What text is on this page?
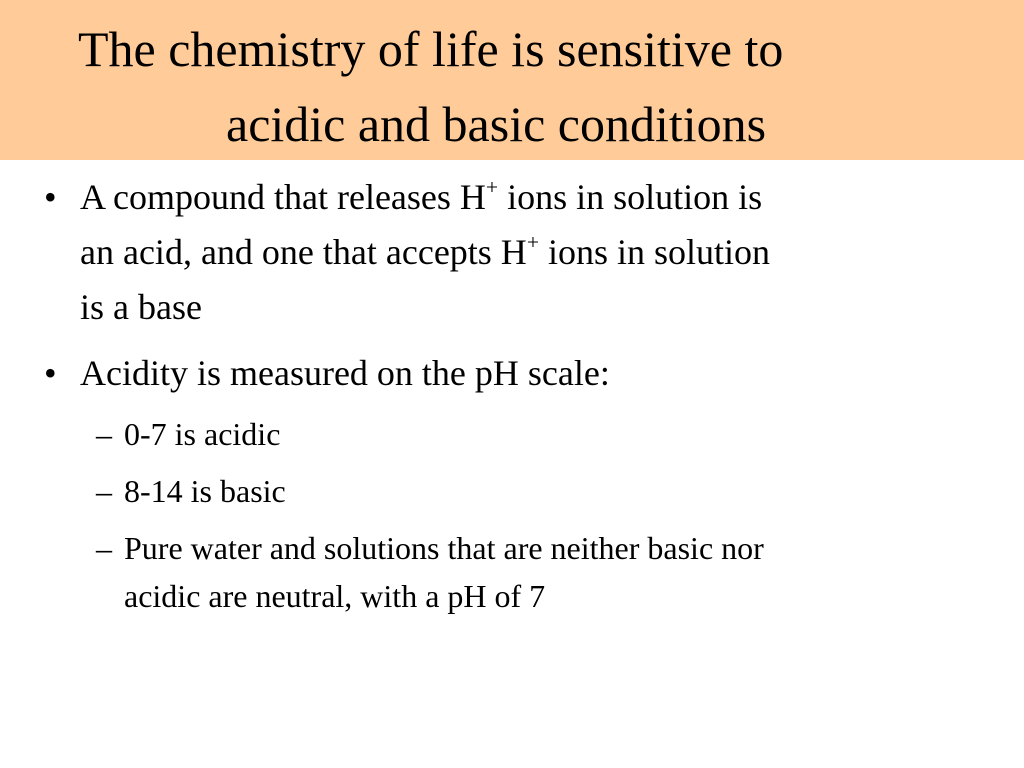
The chemistry of life is sensitive to
acidic and basic conditions
• A compound that releases H+ ions in solution is
an acid, and one that accepts H+ ions in solution
is a base
• Acidity is measured on the pH scale:
– 0-7 is acidic
– 8-14 is basic
– Pure water and solutions that are neither basic nor
acidic are neutral, with a pH of 7
